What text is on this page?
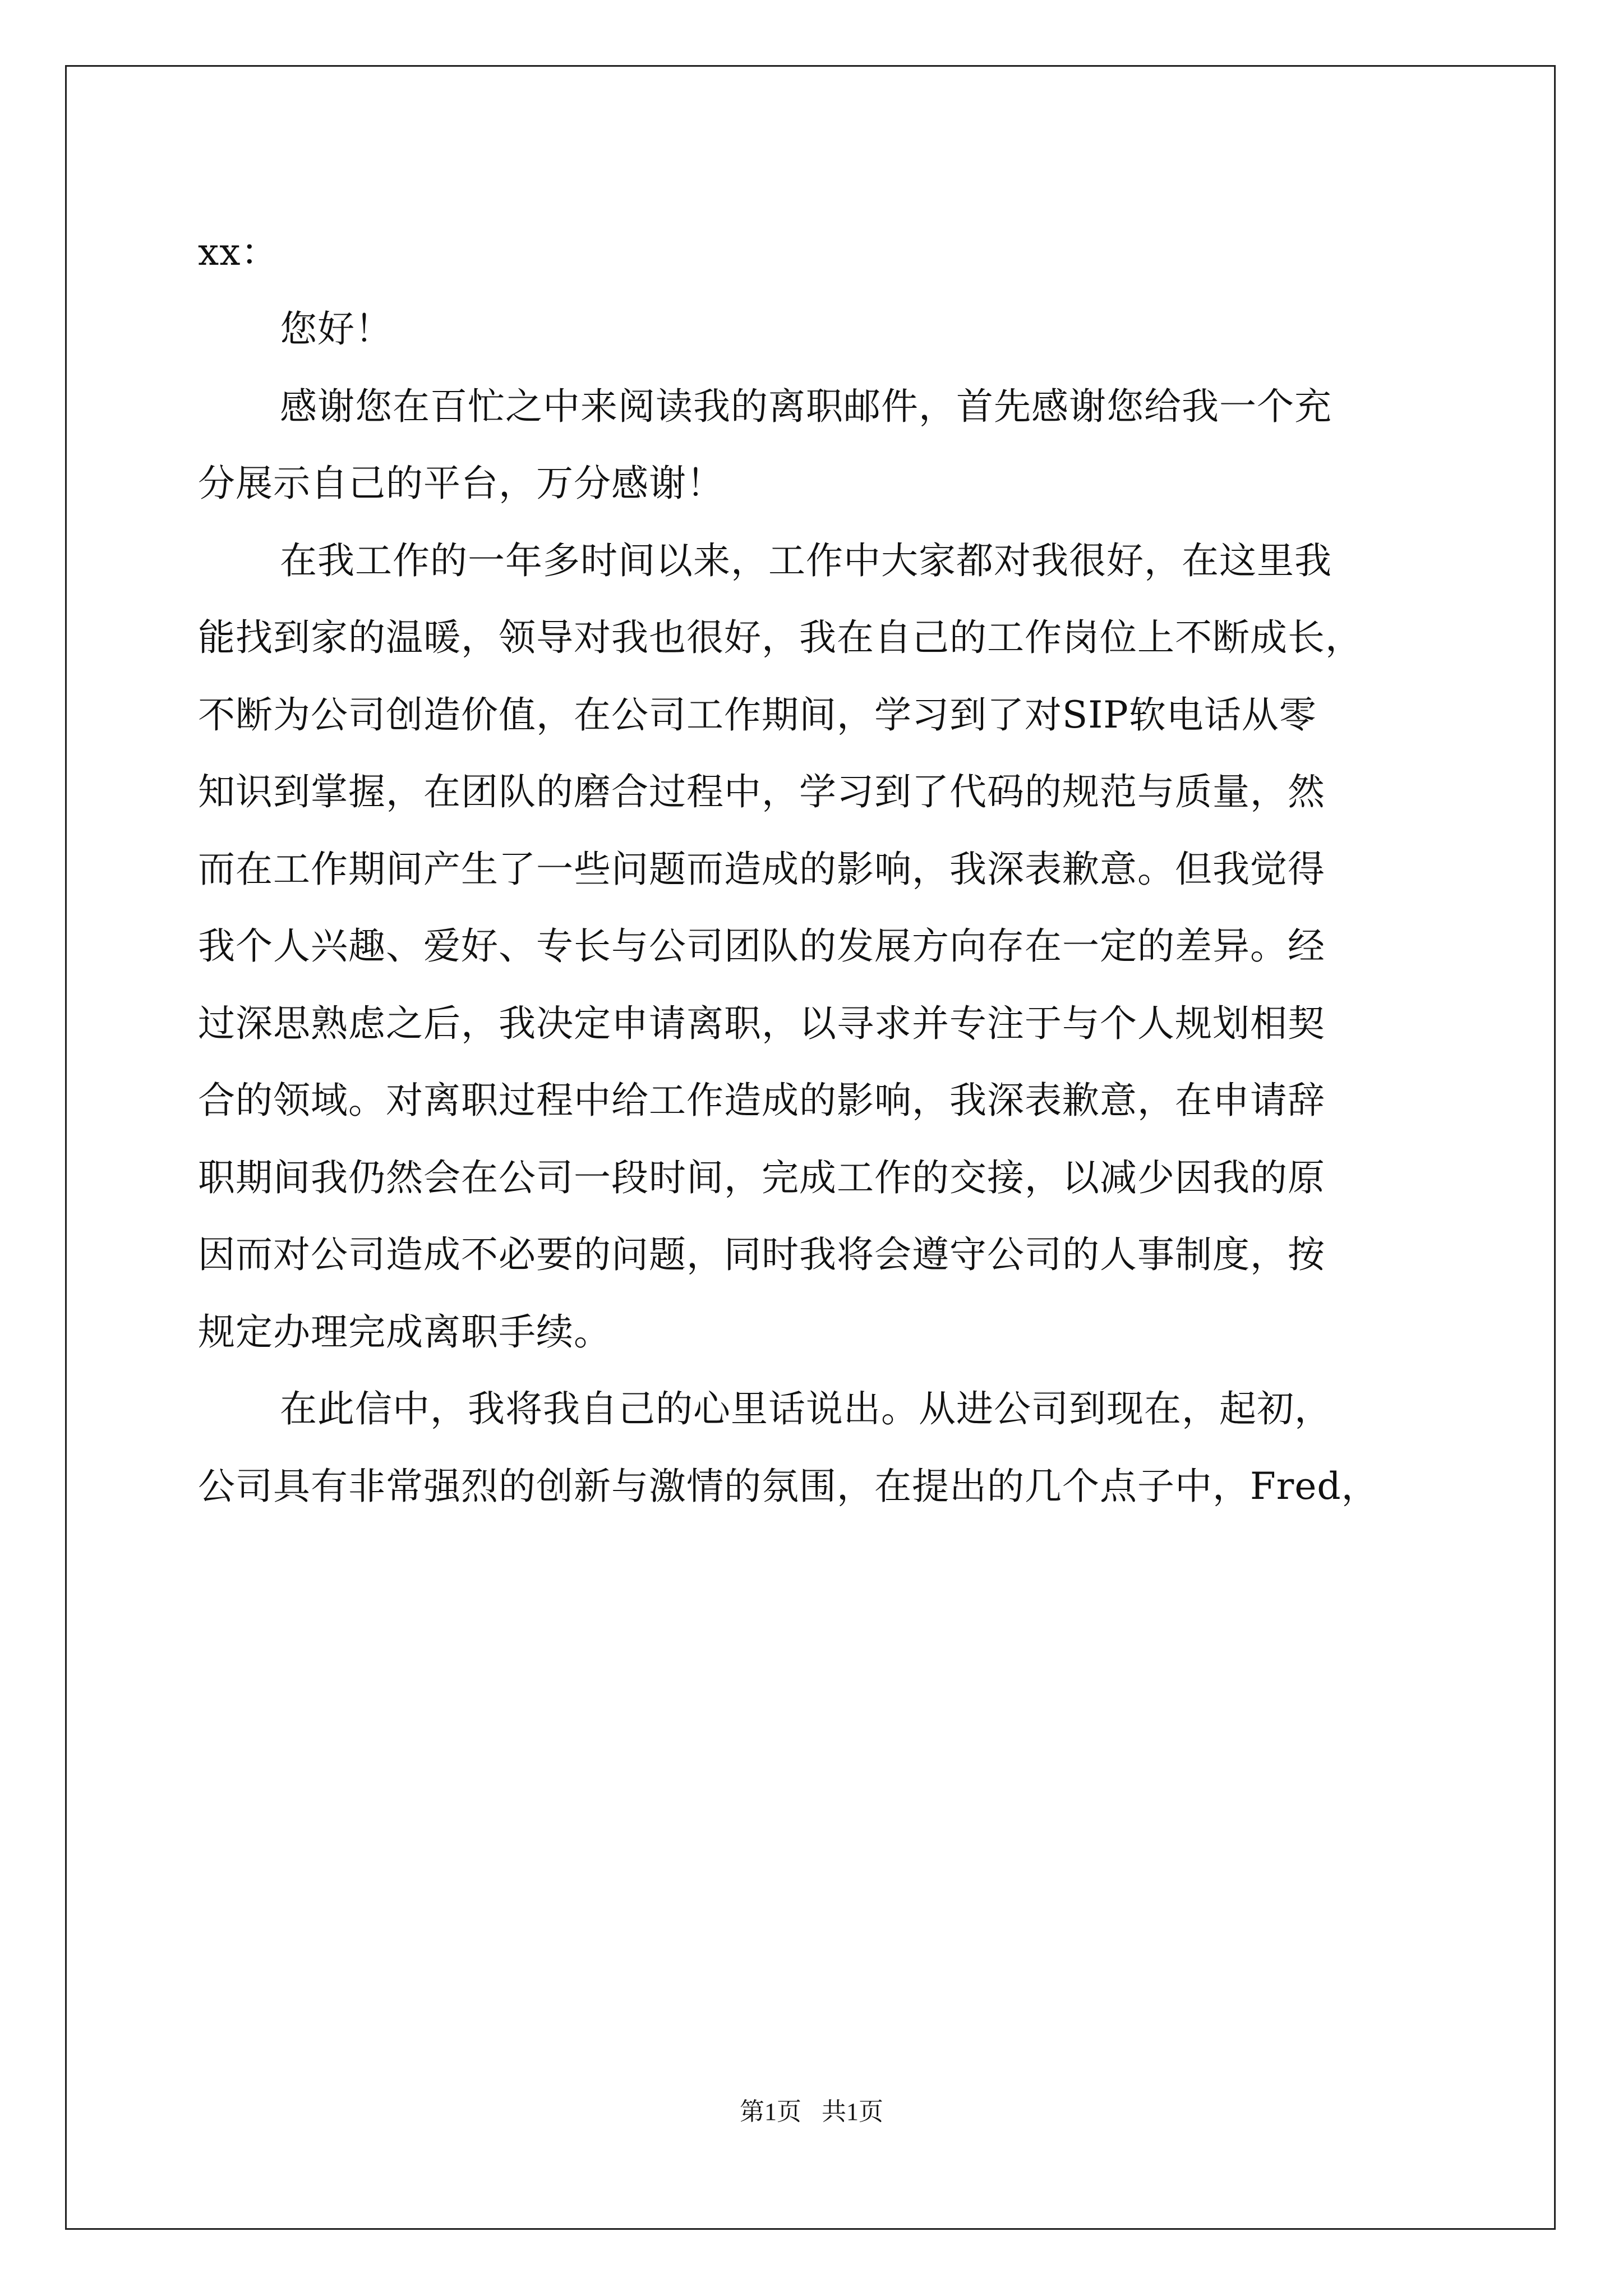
xx：
您好！
感谢您在百忙之中来阅读我的离职邮件，首先感谢您给我一个充
分展示自己的平台，万分感谢！
在我工作的一年多时间以来，工作中大家都对我很好，在这里我
能找到家的温暖，领导对我也很好，我在自己的工作岗位上不断成长，
不断为公司创造价值，在公司工作期间，学习到了对SIP软电话从零
知识到掌握，在团队的磨合过程中，学习到了代码的规范与质量，然
而在工作期间产生了一些问题而造成的影响，我深表歉意。但我觉得
我个人兴趣、爱好、专长与公司团队的发展方向存在一定的差异。经
过深思熟虑之后，我决定申请离职，以寻求并专注于与个人规划相契
合的领域。对离职过程中给工作造成的影响，我深表歉意，在申请辞
职期间我仍然会在公司一段时间，完成工作的交接，以减少因我的原
因而对公司造成不必要的问题，同时我将会遵守公司的人事制度，按
规定办理完成离职手续。
在此信中，我将我自己的心里话说出。从进公司到现在，起初，
公司具有非常强烈的创新与激情的氛围，在提出的几个点子中，Fred，
第1页 共1页
